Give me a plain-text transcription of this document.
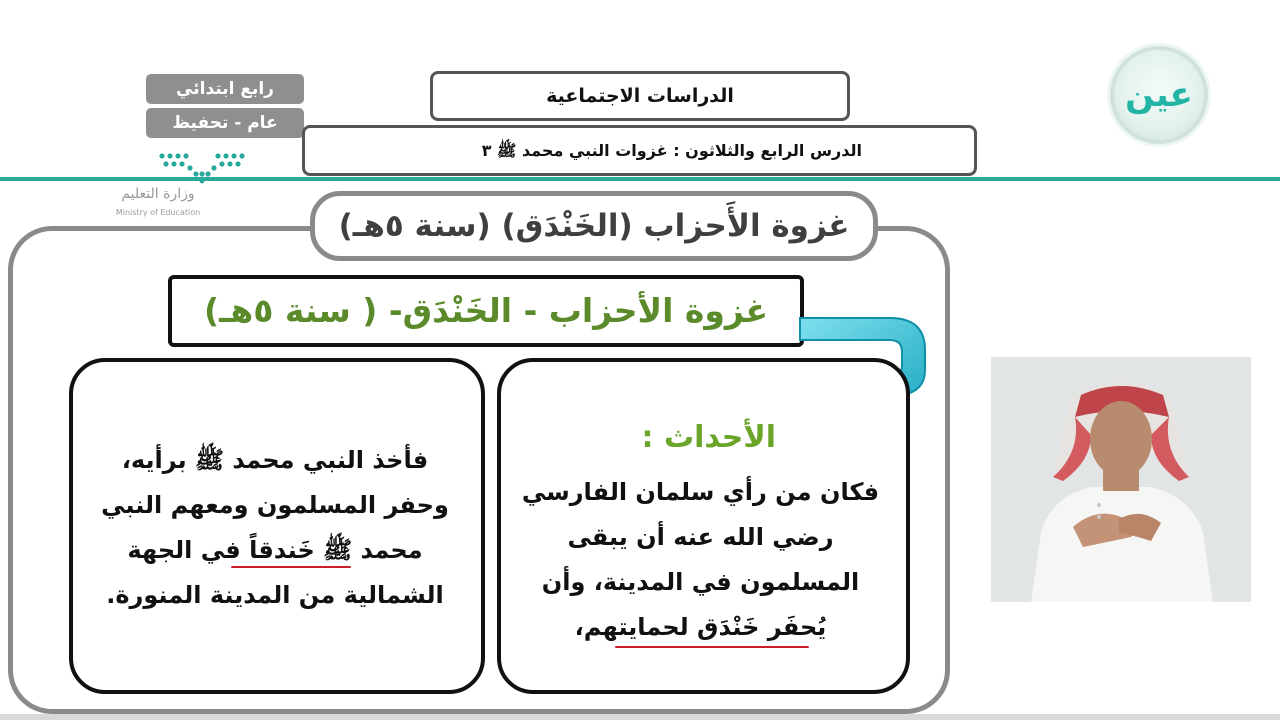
رابع ابتدائي
عام - تحفيظ
الدراسات الاجتماعية
الدرس الرابع والثلاثون : غزوات النبي محمد ﷺ ٣
وزارة التعليم
Ministry of Education
عين
غزوة الأَحزاب (الخَنْدَق) (سنة ٥هـ)
غزوة الأحزاب - الخَنْدَق- ( سنة ٥هـ)
الأحداث :
فكان من رأي سلمان الفارسي
رضي الله عنه أن يبقى
المسلمون في المدينة، وأن
يُحفَر خَنْدَق لحمايتهم،
فأخذ النبي محمد ﷺ برأيه،
وحفر المسلمون ومعهم النبي
محمد ﷺ خَندقاً في الجهة
الشمالية من المدينة المنورة.
